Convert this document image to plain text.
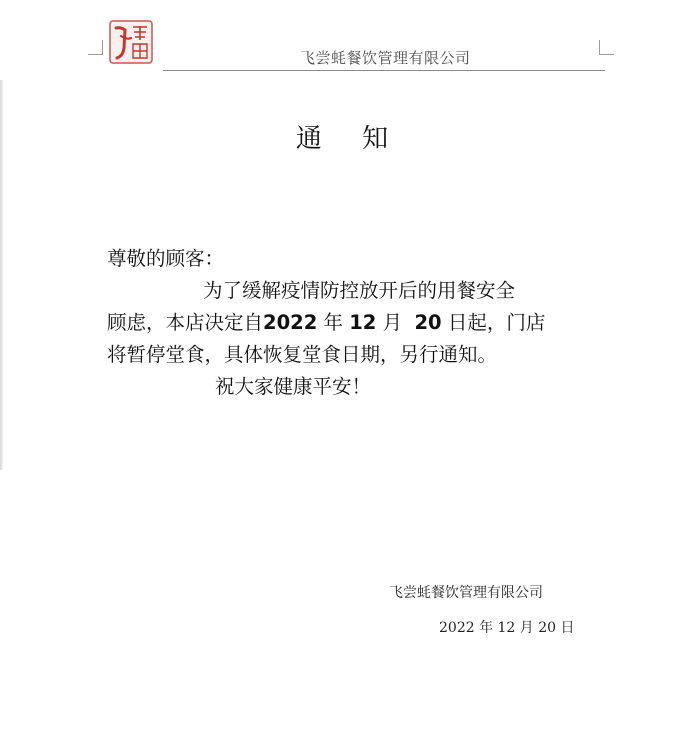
飞尝蚝餐饮管理有限公司
通 知

尊敬的顾客：

为了缓解疫情防控放开后的用餐安全

顾虑，本店决定自2022 年 12 月 20 日起，门店

将暂停堂食，具体恢复堂食日期，另行通知。

祝大家健康平安！

飞尝蚝餐饮管理有限公司
2022 年 12 月 20 日
